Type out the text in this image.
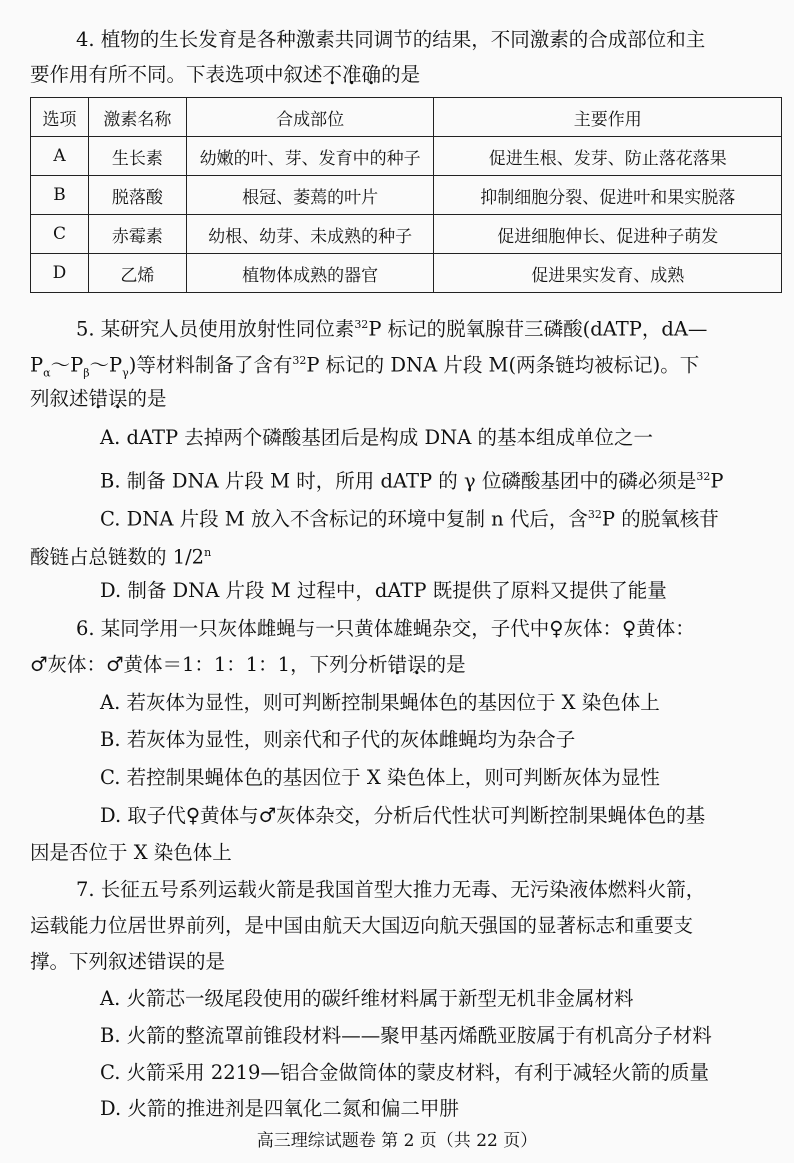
4. 植物的生长发育是各种激素共同调节的结果，不同激素的合成部位和主

要作用有所不同。下表选项中叙述不准确的是

选项	激素名称	合成部位	主要作用
A	生长素	幼嫩的叶、芽、发育中的种子	促进生根、发芽、防止落花落果
B	脱落酸	根冠、萎蔫的叶片	抑制细胞分裂、促进叶和果实脱落
C	赤霉素	幼根、幼芽、未成熟的种子	促进细胞伸长、促进种子萌发
D	乙烯	植物体成熟的器官	促进果实发育、成熟

5. 某研究人员使用放射性同位素$^{32}$P 标记的脱氧腺苷三磷酸(dATP，dA—

$P_\alpha\sim P_\beta\sim P_\gamma$)等材料制备了含有$^{32}$P 标记的 DNA 片段 M(两条链均被标记)。下

列叙述错误的是

A. dATP 去掉两个磷酸基团后是构成 DNA 的基本组成单位之一

B. 制备 DNA 片段 M 时，所用 dATP 的 γ 位磷酸基团中的磷必须是$^{32}$P

C. DNA 片段 M 放入不含标记的环境中复制 n 代后，含$^{32}$P 的脱氧核苷

酸链占总链数的 1/2$^n$

D. 制备 DNA 片段 M 过程中，dATP 既提供了原料又提供了能量

6. 某同学用一只灰体雌蝇与一只黄体雄蝇杂交，子代中♀灰体：♀黄体：

♂灰体：♂黄体＝1：1：1：1，下列分析错误的是

A. 若灰体为显性，则可判断控制果蝇体色的基因位于 X 染色体上

B. 若灰体为显性，则亲代和子代的灰体雌蝇均为杂合子

C. 若控制果蝇体色的基因位于 X 染色体上，则可判断灰体为显性

D. 取子代♀黄体与♂灰体杂交，分析后代性状可判断控制果蝇体色的基

因是否位于 X 染色体上

7. 长征五号系列运载火箭是我国首型大推力无毒、无污染液体燃料火箭，

运载能力位居世界前列，是中国由航天大国迈向航天强国的显著标志和重要支

撑。下列叙述错误的是

A. 火箭芯一级尾段使用的碳纤维材料属于新型无机非金属材料

B. 火箭的整流罩前锥段材料——聚甲基丙烯酰亚胺属于有机高分子材料

C. 火箭采用 2219—铝合金做筒体的蒙皮材料，有利于减轻火箭的质量

D. 火箭的推进剂是四氧化二氮和偏二甲肼

高三理综试题卷 第 2 页（共 22 页）
